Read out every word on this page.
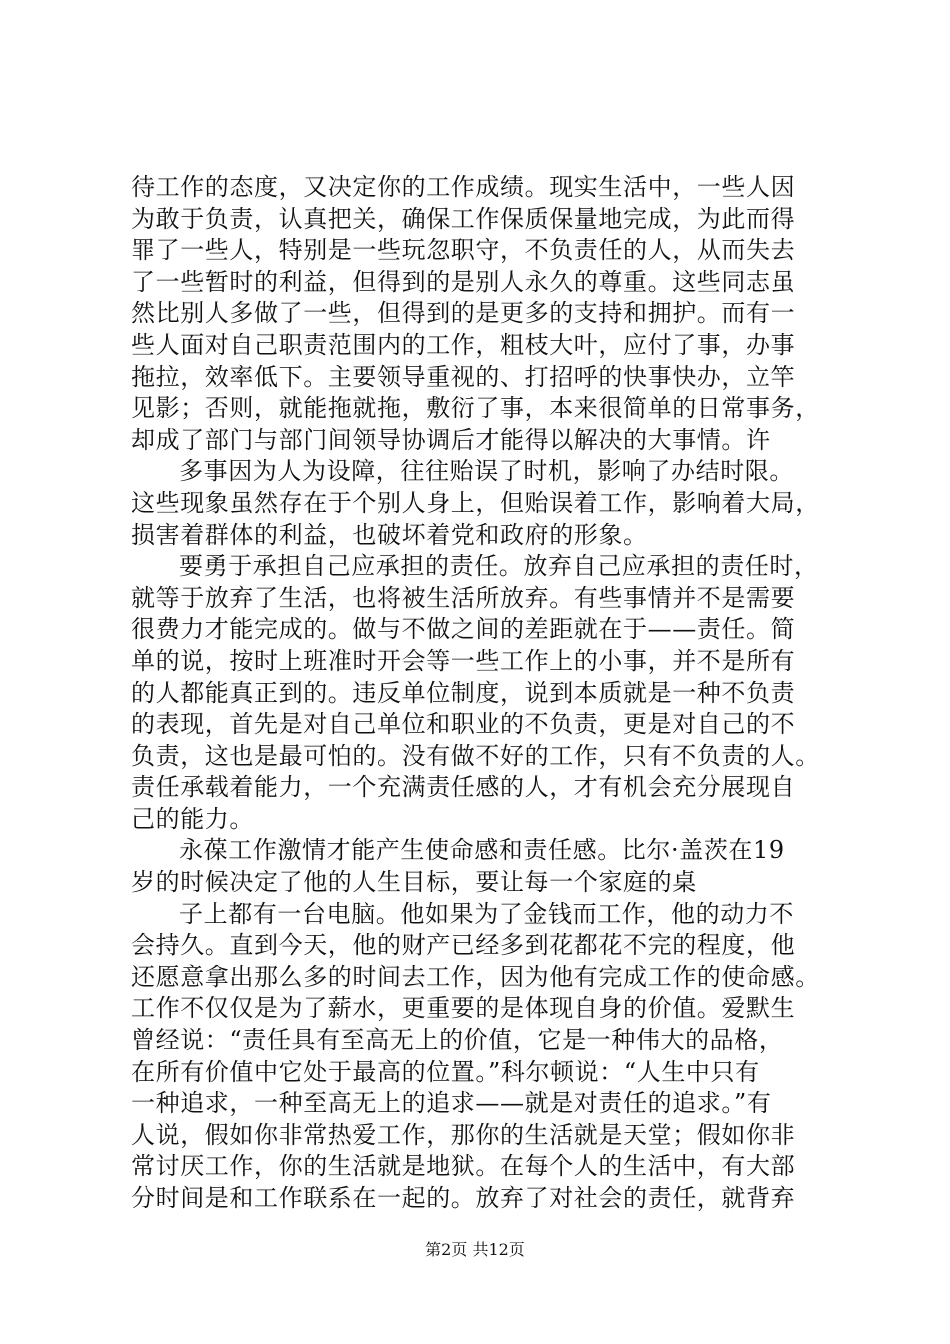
待工作的态度，又决定你的工作成绩。现实生活中，一些人因
为敢于负责，认真把关，确保工作保质保量地完成，为此而得
罪了一些人，特别是一些玩忽职守，不负责任的人，从而失去
了一些暂时的利益，但得到的是别人永久的尊重。这些同志虽
然比别人多做了一些，但得到的是更多的支持和拥护。而有一
些人面对自己职责范围内的工作，粗枝大叶，应付了事，办事
拖拉，效率低下。主要领导重视的、打招呼的快事快办，立竿
见影；否则，就能拖就拖，敷衍了事，本来很简单的日常事务，
却成了部门与部门间领导协调后才能得以解决的大事情。许
多事因为人为设障，往往贻误了时机，影响了办结时限。
这些现象虽然存在于个别人身上，但贻误着工作，影响着大局，
损害着群体的利益，也破坏着党和政府的形象。
要勇于承担自己应承担的责任。放弃自己应承担的责任时，
就等于放弃了生活，也将被生活所放弃。有些事情并不是需要
很费力才能完成的。做与不做之间的差距就在于——责任。简
单的说，按时上班准时开会等一些工作上的小事，并不是所有
的人都能真正到的。违反单位制度，说到本质就是一种不负责
的表现，首先是对自己单位和职业的不负责，更是对自己的不
负责，这也是最可怕的。没有做不好的工作，只有不负责的人。
责任承载着能力，一个充满责任感的人，才有机会充分展现自
己的能力。
永葆工作激情才能产生使命感和责任感。比尔·盖茨在19
岁的时候决定了他的人生目标，要让每一个家庭的桌
子上都有一台电脑。他如果为了金钱而工作，他的动力不
会持久。直到今天，他的财产已经多到花都花不完的程度，他
还愿意拿出那么多的时间去工作，因为他有完成工作的使命感。
工作不仅仅是为了薪水，更重要的是体现自身的价值。爱默生
曾经说：“责任具有至高无上的价值，它是一种伟大的品格，
在所有价值中它处于最高的位置。”科尔顿说：“人生中只有
一种追求，一种至高无上的追求——就是对责任的追求。”有
人说，假如你非常热爱工作，那你的生活就是天堂；假如你非
常讨厌工作，你的生活就是地狱。在每个人的生活中，有大部
分时间是和工作联系在一起的。放弃了对社会的责任，就背弃
第2页 共12页
